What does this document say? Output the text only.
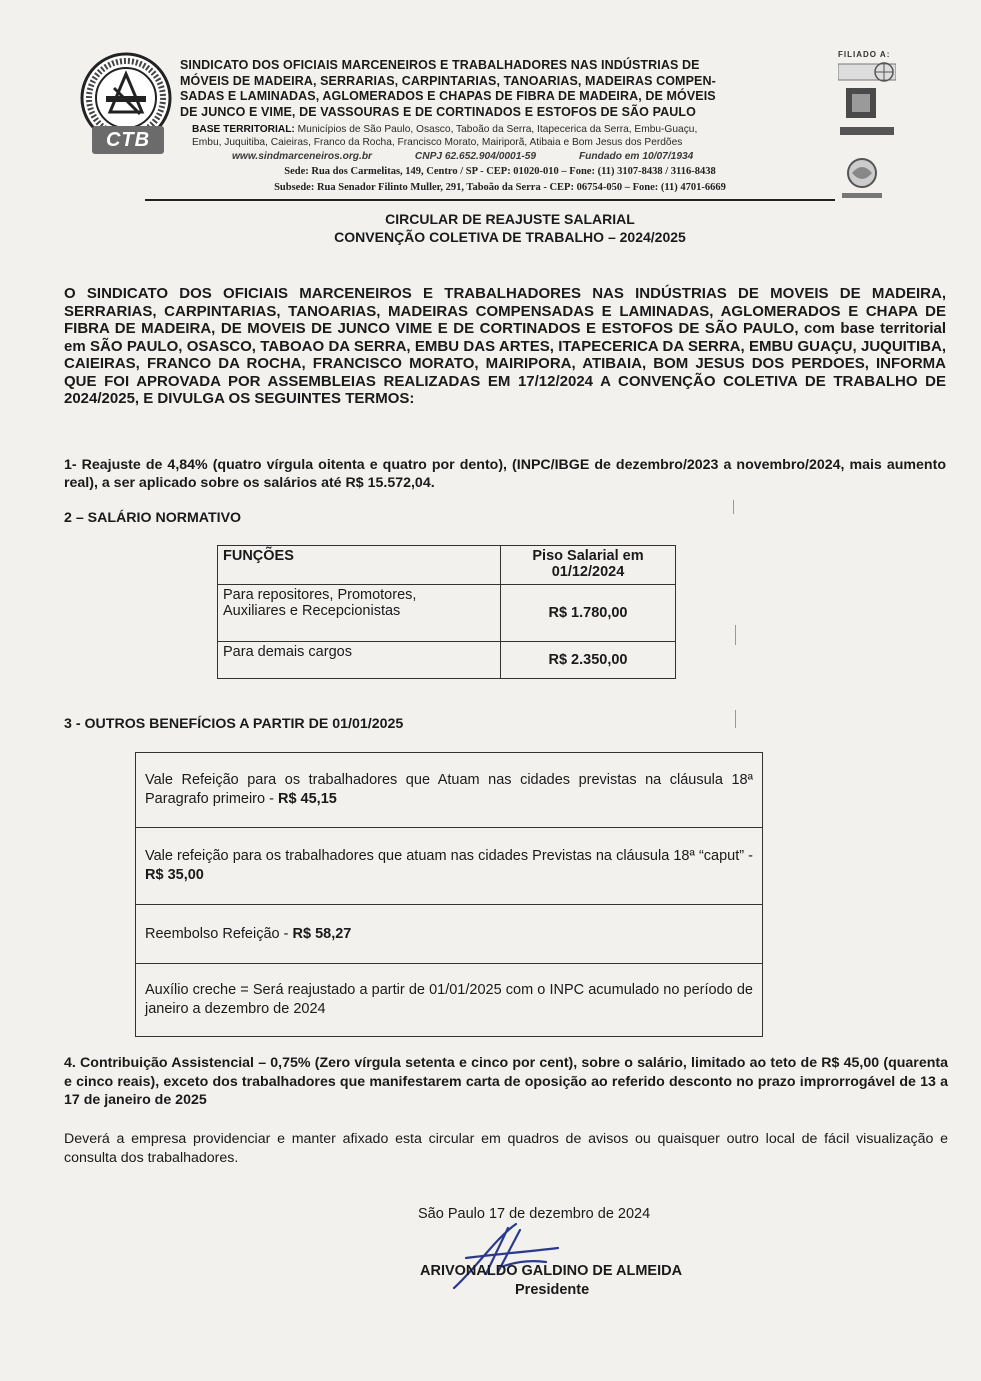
CTB
SINDICATO DOS OFICIAIS MARCENEIROS E TRABALHADORES NAS INDÚSTRIAS DE
MÓVEIS DE MADEIRA, SERRARIAS, CARPINTARIAS, TANOARIAS, MADEIRAS COMPEN-
SADAS E LAMINADAS, AGLOMERADOS E CHAPAS DE FIBRA DE MADEIRA, DE MÓVEIS
DE JUNCO E VIME, DE VASSOURAS E DE CORTINADOS E ESTOFOS DE SÃO PAULO
BASE TERRITORIAL: Municípios de São Paulo, Osasco, Taboão da Serra, Itapecerica da Serra, Embu-Guaçu,
Embu, Juquitiba, Caieiras, Franco da Rocha, Francisco Morato, Mairiporã, Atibaia e Bom Jesus dos Perdões
www.sindmarceneiros.org.br	CNPJ 62.652.904/0001-59	Fundado em 10/07/1934
Sede: Rua dos Carmelitas, 149, Centro / SP - CEP: 01020-010 – Fone: (11) 3107-8438 / 3116-8438
Subsede: Rua Senador Filinto Muller, 291, Taboão da Serra - CEP: 06754-050 – Fone: (11) 4701-6669
FILIADO A:
CIRCULAR DE REAJUSTE SALARIAL
CONVENÇÃO COLETIVA DE TRABALHO – 2024/2025
O SINDICATO DOS OFICIAIS MARCENEIROS E TRABALHADORES NAS INDÚSTRIAS DE MOVEIS DE MADEIRA, SERRARIAS, CARPINTARIAS, TANOARIAS, MADEIRAS COMPENSADAS E LAMINADAS, AGLOMERADOS E CHAPA DE FIBRA DE MADEIRA, DE MOVEIS DE JUNCO VIME E DE CORTINADOS E ESTOFOS DE SÃO PAULO, com base territorial em SÃO PAULO, OSASCO, TABOAO DA SERRA, EMBU DAS ARTES, ITAPECERICA DA SERRA, EMBU GUAÇU, JUQUITIBA, CAIEIRAS, FRANCO DA ROCHA, FRANCISCO MORATO, MAIRIPORA, ATIBAIA, BOM JESUS DOS PERDOES, INFORMA QUE FOI APROVADA POR ASSEMBLEIAS REALIZADAS EM 17/12/2024 A CONVENÇÃO COLETIVA DE TRABALHO DE 2024/2025, E DIVULGA OS SEGUINTES TERMOS:
1- Reajuste de 4,84% (quatro vírgula oitenta e quatro por dento), (INPC/IBGE de dezembro/2023 a novembro/2024, mais aumento real), a ser aplicado sobre os salários até R$ 15.572,04.
2 – SALÁRIO NORMATIVO
FUNÇÕES	Piso Salarial em
01/12/2024
Para repositores, Promotores,
Auxiliares e Recepcionistas	R$ 1.780,00
Para demais cargos	R$ 2.350,00
3 - OUTROS BENEFÍCIOS A PARTIR DE 01/01/2025
Vale Refeição para os trabalhadores que Atuam nas cidades previstas na cláusula 18ª Paragrafo primeiro - R$ 45,15
Vale refeição para os trabalhadores que atuam nas cidades Previstas na cláusula 18ª “caput” - R$ 35,00
Reembolso Refeição - R$ 58,27
Auxílio creche = Será reajustado a partir de 01/01/2025 com o INPC acumulado no período de janeiro a dezembro de 2024
4. Contribuição Assistencial – 0,75% (Zero vírgula setenta e cinco por cent), sobre o salário, limitado ao teto de R$ 45,00 (quarenta e cinco reais), exceto dos trabalhadores que manifestarem carta de oposição ao referido desconto no prazo improrrogável de 13 a 17 de janeiro de 2025
Deverá a empresa providenciar e manter afixado esta circular em quadros de avisos ou quaisquer outro local de fácil visualização e consulta dos trabalhadores.
São Paulo 17 de dezembro de 2024
ARIVONALDO GALDINO DE ALMEIDA
Presidente
